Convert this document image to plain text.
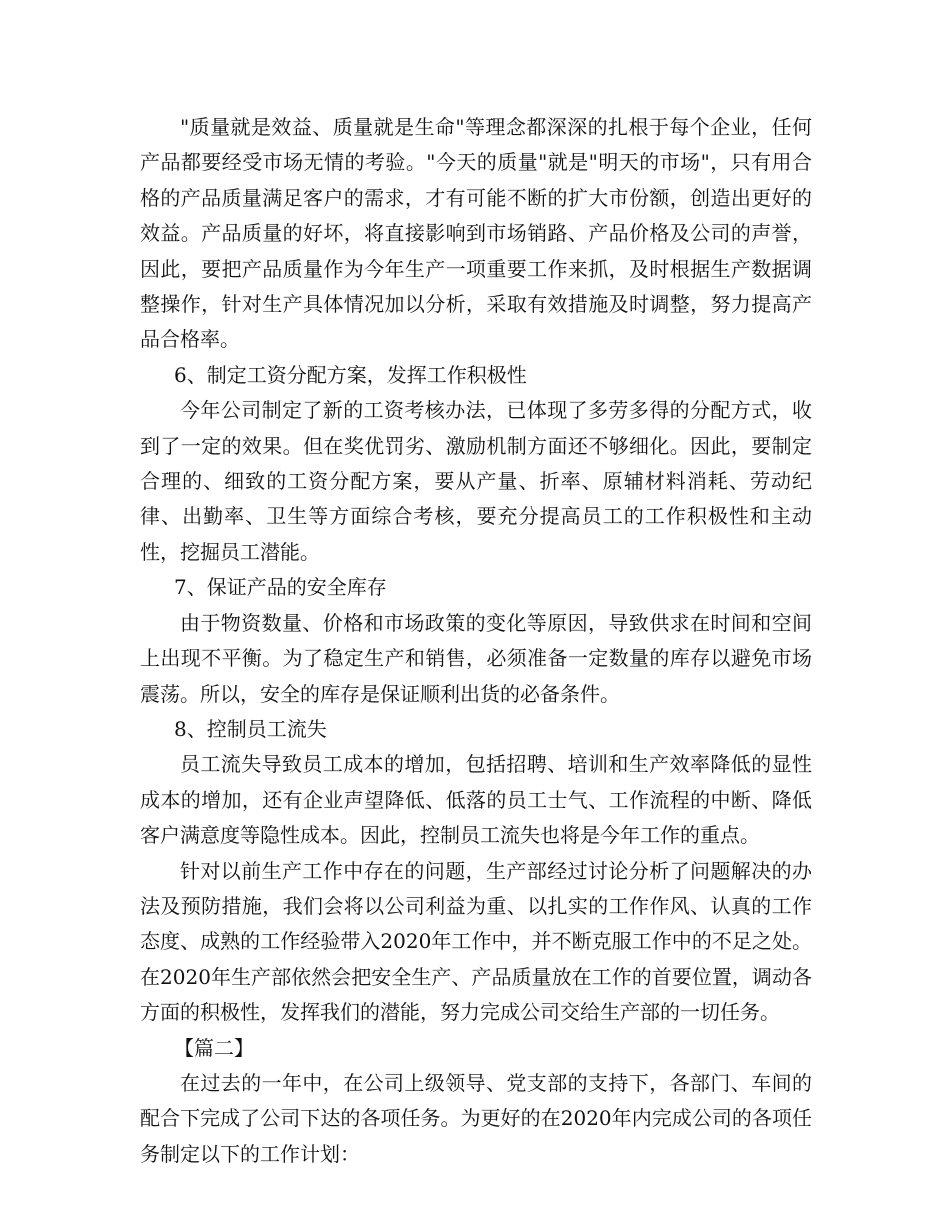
"质量就是效益、质量就是生命"等理念都深深的扎根于每个企业，任何产品都要经受市场无情的考验。"今天的质量"就是"明天的市场"，只有用合格的产品质量满足客户的需求，才有可能不断的扩大市份额，创造出更好的效益。产品质量的好坏，将直接影响到市场销路、产品价格及公司的声誉，因此，要把产品质量作为今年生产一项重要工作来抓，及时根据生产数据调整操作，针对生产具体情况加以分析，采取有效措施及时调整，努力提高产品合格率。

6、制定工资分配方案，发挥工作积极性

今年公司制定了新的工资考核办法，已体现了多劳多得的分配方式，收到了一定的效果。但在奖优罚劣、激励机制方面还不够细化。因此，要制定合理的、细致的工资分配方案，要从产量、折率、原辅材料消耗、劳动纪律、出勤率、卫生等方面综合考核，要充分提高员工的工作积极性和主动性，挖掘员工潜能。

7、保证产品的安全库存

由于物资数量、价格和市场政策的变化等原因，导致供求在时间和空间上出现不平衡。为了稳定生产和销售，必须准备一定数量的库存以避免市场震荡。所以，安全的库存是保证顺利出货的必备条件。

8、控制员工流失

员工流失导致员工成本的增加，包括招聘、培训和生产效率降低的显性成本的增加，还有企业声望降低、低落的员工士气、工作流程的中断、降低客户满意度等隐性成本。因此，控制员工流失也将是今年工作的重点。

针对以前生产工作中存在的问题，生产部经过讨论分析了问题解决的办法及预防措施，我们会将以公司利益为重、以扎实的工作作风、认真的工作态度、成熟的工作经验带入2020年工作中，并不断克服工作中的不足之处。在2020年生产部依然会把安全生产、产品质量放在工作的首要位置，调动各方面的积极性，发挥我们的潜能，努力完成公司交给生产部的一切任务。

【篇二】

在过去的一年中，在公司上级领导、党支部的支持下，各部门、车间的配合下完成了公司下达的各项任务。为更好的在2020年内完成公司的各项任务制定以下的工作计划：
